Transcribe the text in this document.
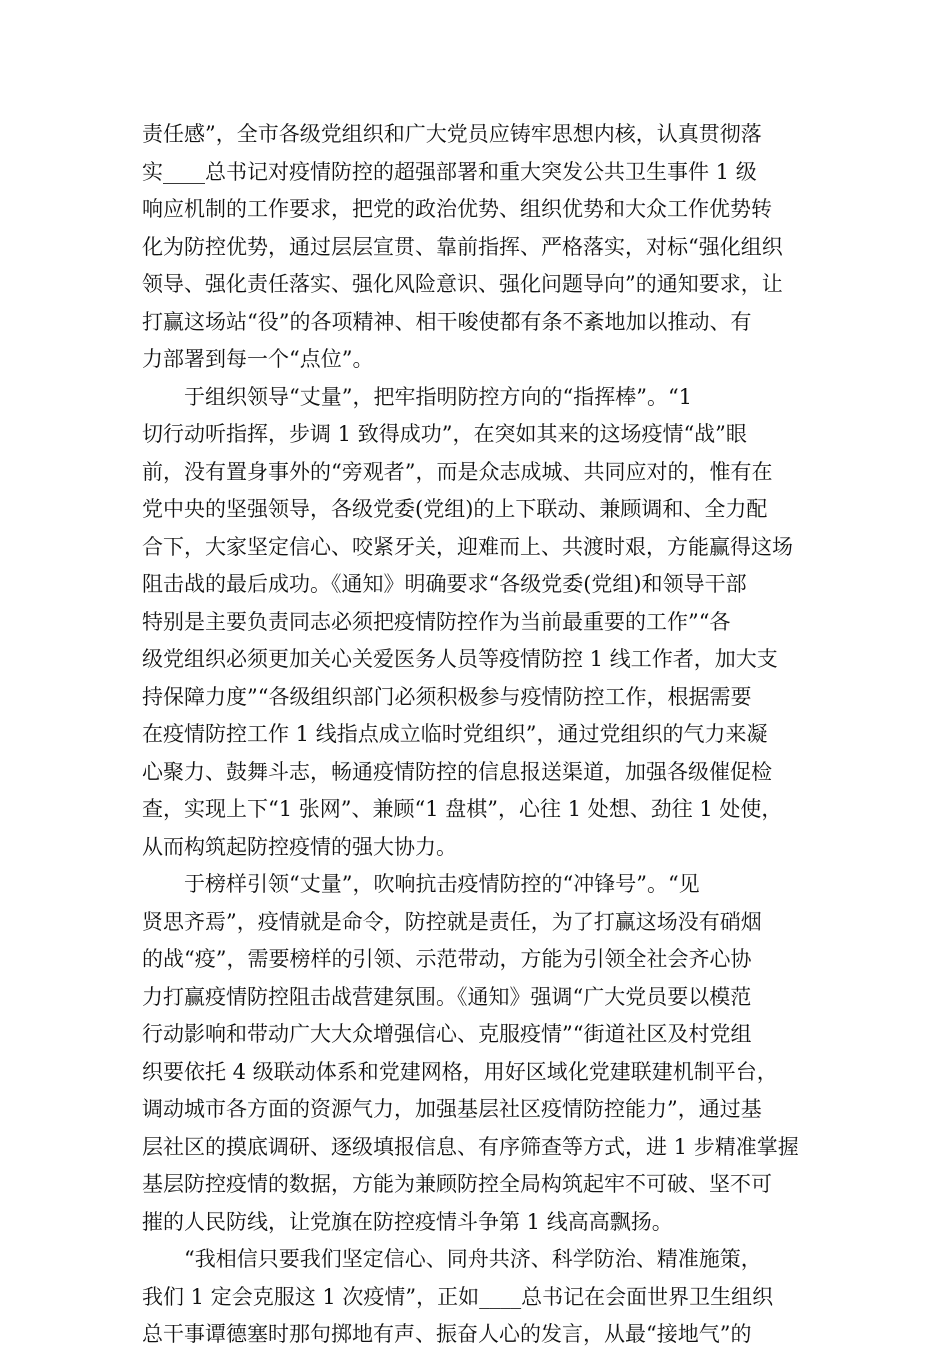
责任感”，全市各级党组织和广大党员应铸牢思想内核，认真贯彻落
实____总书记对疫情防控的超强部署和重大突发公共卫生事件 1 级
响应机制的工作要求，把党的政治优势、组织优势和大众工作优势转
化为防控优势，通过层层宣贯、靠前指挥、严格落实，对标“强化组织
领导、强化责任落实、强化风险意识、强化问题导向”的通知要求，让
打赢这场站“役”的各项精神、相干唆使都有条不紊地加以推动、有
力部署到每一个“点位”。
于组织领导“丈量”，把牢指明防控方向的“指挥棒”。“1
切行动听指挥，步调 1 致得成功”，在突如其来的这场疫情“战”眼
前，没有置身事外的“旁观者”，而是众志成城、共同应对的，惟有在
党中央的坚强领导，各级党委(党组)的上下联动、兼顾调和、全力配
合下，大家坚定信心、咬紧牙关，迎难而上、共渡时艰，方能赢得这场
阻击战的最后成功。《通知》明确要求“各级党委(党组)和领导干部
特别是主要负责同志必须把疫情防控作为当前最重要的工作”“各
级党组织必须更加关心关爱医务人员等疫情防控 1 线工作者，加大支
持保障力度”“各级组织部门必须积极参与疫情防控工作，根据需要
在疫情防控工作 1 线指点成立临时党组织”，通过党组织的气力来凝
心聚力、鼓舞斗志，畅通疫情防控的信息报送渠道，加强各级催促检
查，实现上下“1 张网”、兼顾“1 盘棋”，心往 1 处想、劲往 1 处使，
从而构筑起防控疫情的强大协力。
于榜样引领“丈量”，吹响抗击疫情防控的“冲锋号”。“见
贤思齐焉”，疫情就是命令，防控就是责任，为了打赢这场没有硝烟
的战“疫”，需要榜样的引领、示范带动，方能为引领全社会齐心协
力打赢疫情防控阻击战营建氛围。《通知》强调“广大党员要以模范
行动影响和带动广大大众增强信心、克服疫情”“街道社区及村党组
织要依托 4 级联动体系和党建网格，用好区域化党建联建机制平台，
调动城市各方面的资源气力，加强基层社区疫情防控能力”，通过基
层社区的摸底调研、逐级填报信息、有序筛查等方式，进 1 步精准掌握
基层防控疫情的数据，方能为兼顾防控全局构筑起牢不可破、坚不可
摧的人民防线，让党旗在防控疫情斗争第 1 线高高飘扬。
“我相信只要我们坚定信心、同舟共济、科学防治、精准施策，
我们 1 定会克服这 1 次疫情”，正如____总书记在会面世界卫生组织
总干事谭德塞时那句掷地有声、振奋人心的发言，从最“接地气”的
